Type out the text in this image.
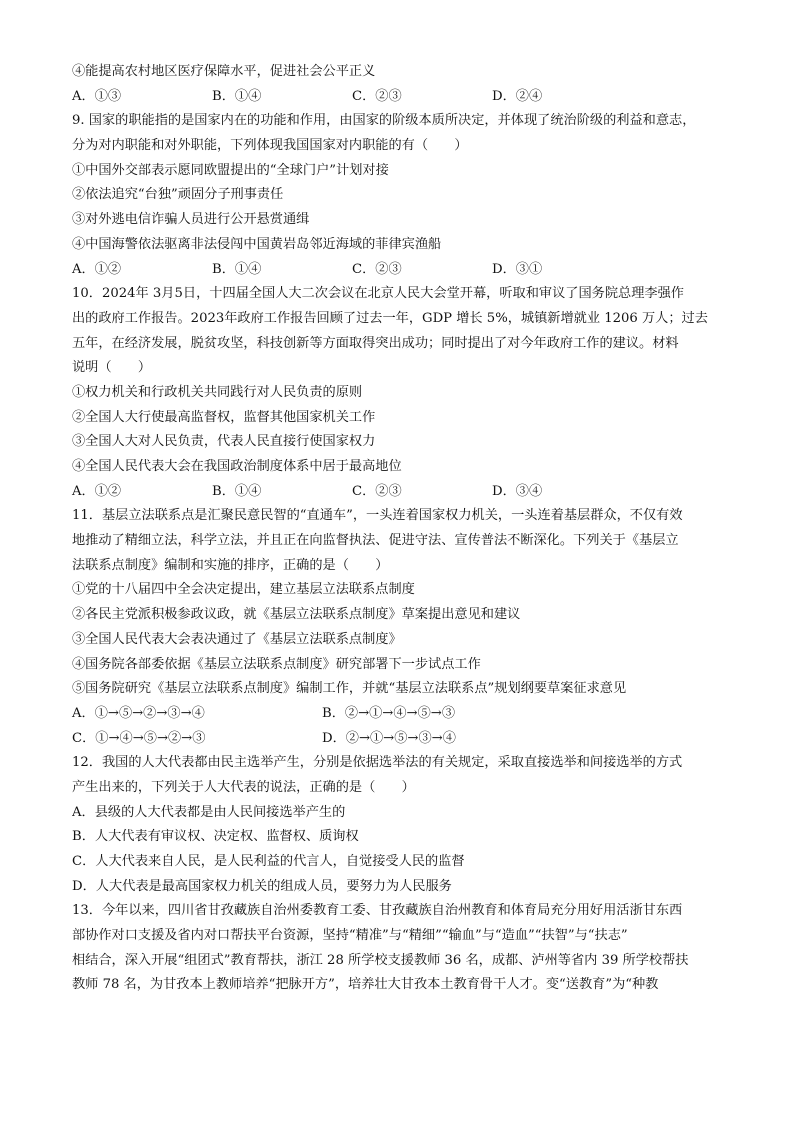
④能提高农村地区医疗保障水平，促进社会公平正义
A．①③	B．①④	C．②③	D．②④
9. 国家的职能指的是国家内在的功能和作用，由国家的阶级本质所决定，并体现了统治阶级的利益和意志，
分为对内职能和对外职能，下列体现我国国家对内职能的有（　　）
①中国外交部表示愿同欧盟提出的“全球门户”计划对接
②依法追究“台独”顽固分子刑事责任
③对外逃电信诈骗人员进行公开悬赏通缉
④中国海警依法驱离非法侵闯中国黄岩岛邻近海域的菲律宾渔船
A．①②	B．①④	C．②③	D．③①
10．2024年 3月5日，十四届全国人大二次会议在北京人民大会堂开幕，听取和审议了国务院总理李强作
出的政府工作报告。2023年政府工作报告回顾了过去一年，GDP 增长 5%，城镇新增就业 1206 万人；过去
五年，在经济发展，脱贫攻坚，科技创新等方面取得突出成功；同时提出了对今年政府工作的建议。材料
说明（　　）
①权力机关和行政机关共同践行对人民负责的原则
②全国人大行使最高监督权，监督其他国家机关工作
③全国人大对人民负责，代表人民直接行使国家权力
④全国人民代表大会在我国政治制度体系中居于最高地位
A．①②	B．①④	C．②③	D．③④
11．基层立法联系点是汇聚民意民智的“直通车”，一头连着国家权力机关，一头连着基层群众，不仅有效
地推动了精细立法，科学立法，并且正在向监督执法、促进守法、宣传普法不断深化。下列关于《基层立
法联系点制度》编制和实施的排序，正确的是（　　）
①党的十八届四中全会决定提出，建立基层立法联系点制度
②各民主党派积极参政议政，就《基层立法联系点制度》草案提出意见和建议
③全国人民代表大会表决通过了《基层立法联系点制度》
④国务院各部委依据《基层立法联系点制度》研究部署下一步试点工作
⑤国务院研究《基层立法联系点制度》编制工作，并就“基层立法联系点”规划纲要草案征求意见
A．①→⑤→②→③→④	B．②→①→④→⑤→③
C．①→④→⑤→②→③	D．②→①→⑤→③→④
12．我国的人大代表都由民主选举产生，分别是依据选举法的有关规定，采取直接选举和间接选举的方式
产生出来的，下列关于人大代表的说法，正确的是（　　）
A．县级的人大代表都是由人民间接选举产生的
B．人大代表有审议权、决定权、监督权、质询权
C．人大代表来自人民，是人民利益的代言人，自觉接受人民的监督
D．人大代表是最高国家权力机关的组成人员，要努力为人民服务
13．今年以来，四川省甘孜藏族自治州委教育工委、甘孜藏族自治州教育和体育局充分用好用活浙甘东西
部协作对口支援及省内对口帮扶平台资源，坚持“精准”与“精细”“输血”与“造血”“扶智”与“扶志”
相结合，深入开展“组团式”教育帮扶，浙江 28 所学校支援教师 36 名，成都、泸州等省内 39 所学校帮扶
教师 78 名，为甘孜本上教师培养“把脉开方”，培养壮大甘孜本土教育骨干人才。变“送教育”为“种教
